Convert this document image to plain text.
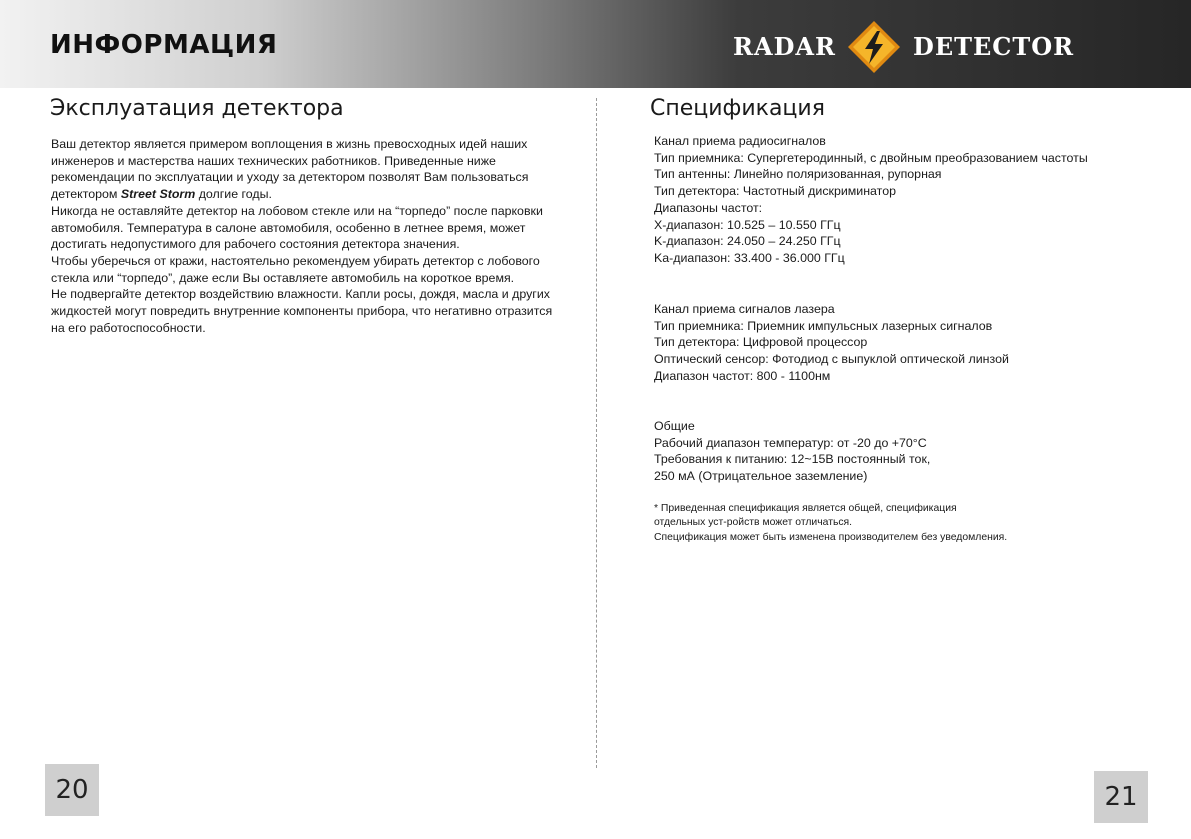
ИНФОРМАЦИЯ	RADAR	DETECTOR
Эксплуатация детектора

Ваш детектор является примером воплощения в жизнь превосходных идей наших инженеров и мастерства наших технических работников. Приведенные ниже рекомендации по эксплуатации и уходу за детектором позволят Вам пользоваться детектором Street Storm долгие годы.

Никогда не оставляйте детектор на лобовом стекле или на “торпедо” после парковки автомобиля. Температура в салоне автомобиля, особенно в летнее время, может достигать недопустимого для рабочего состояния детектора значения.

Чтобы уберечься от кражи, настоятельно рекомендуем убирать детектор с лобового стекла или “торпедо”, даже если Вы оставляете автомобиль на короткое время.

Не подвергайте детектор воздействию влажности. Капли росы, дождя, масла и других жидкостей могут повредить внутренние компоненты прибора, что негативно отразится на его работоспособности.

Спецификация
Канал приема радиосигналов
Тип приемника: Супергетеродинный, с двойным преобразованием частоты
Тип антенны: Линейно поляризованная, рупорная
Тип детектора: Частотный дискриминатор
Диапазоны частот:
X-диапазон: 10.525 – 10.550 ГГц
K-диапазон: 24.050 – 24.250 ГГц
Ka-диапазон: 33.400 - 36.000 ГГц
Канал приема сигналов лазера
Тип приемника: Приемник импульсных лазерных сигналов
Тип детектора: Цифровой процессор
Оптический сенсор: Фотодиод с выпуклой оптической линзой
Диапазон частот: 800 - 1100нм
Общие
Рабочий диапазон температур: от -20 до +70°С
Требования к питанию: 12~15В постоянный ток,
250 мА (Отрицательное заземление)
* Приведенная спецификация является общей, спецификация
отдельных уст-ройств может отличаться.
Спецификация может быть изменена производителем без уведомления.
20	21
